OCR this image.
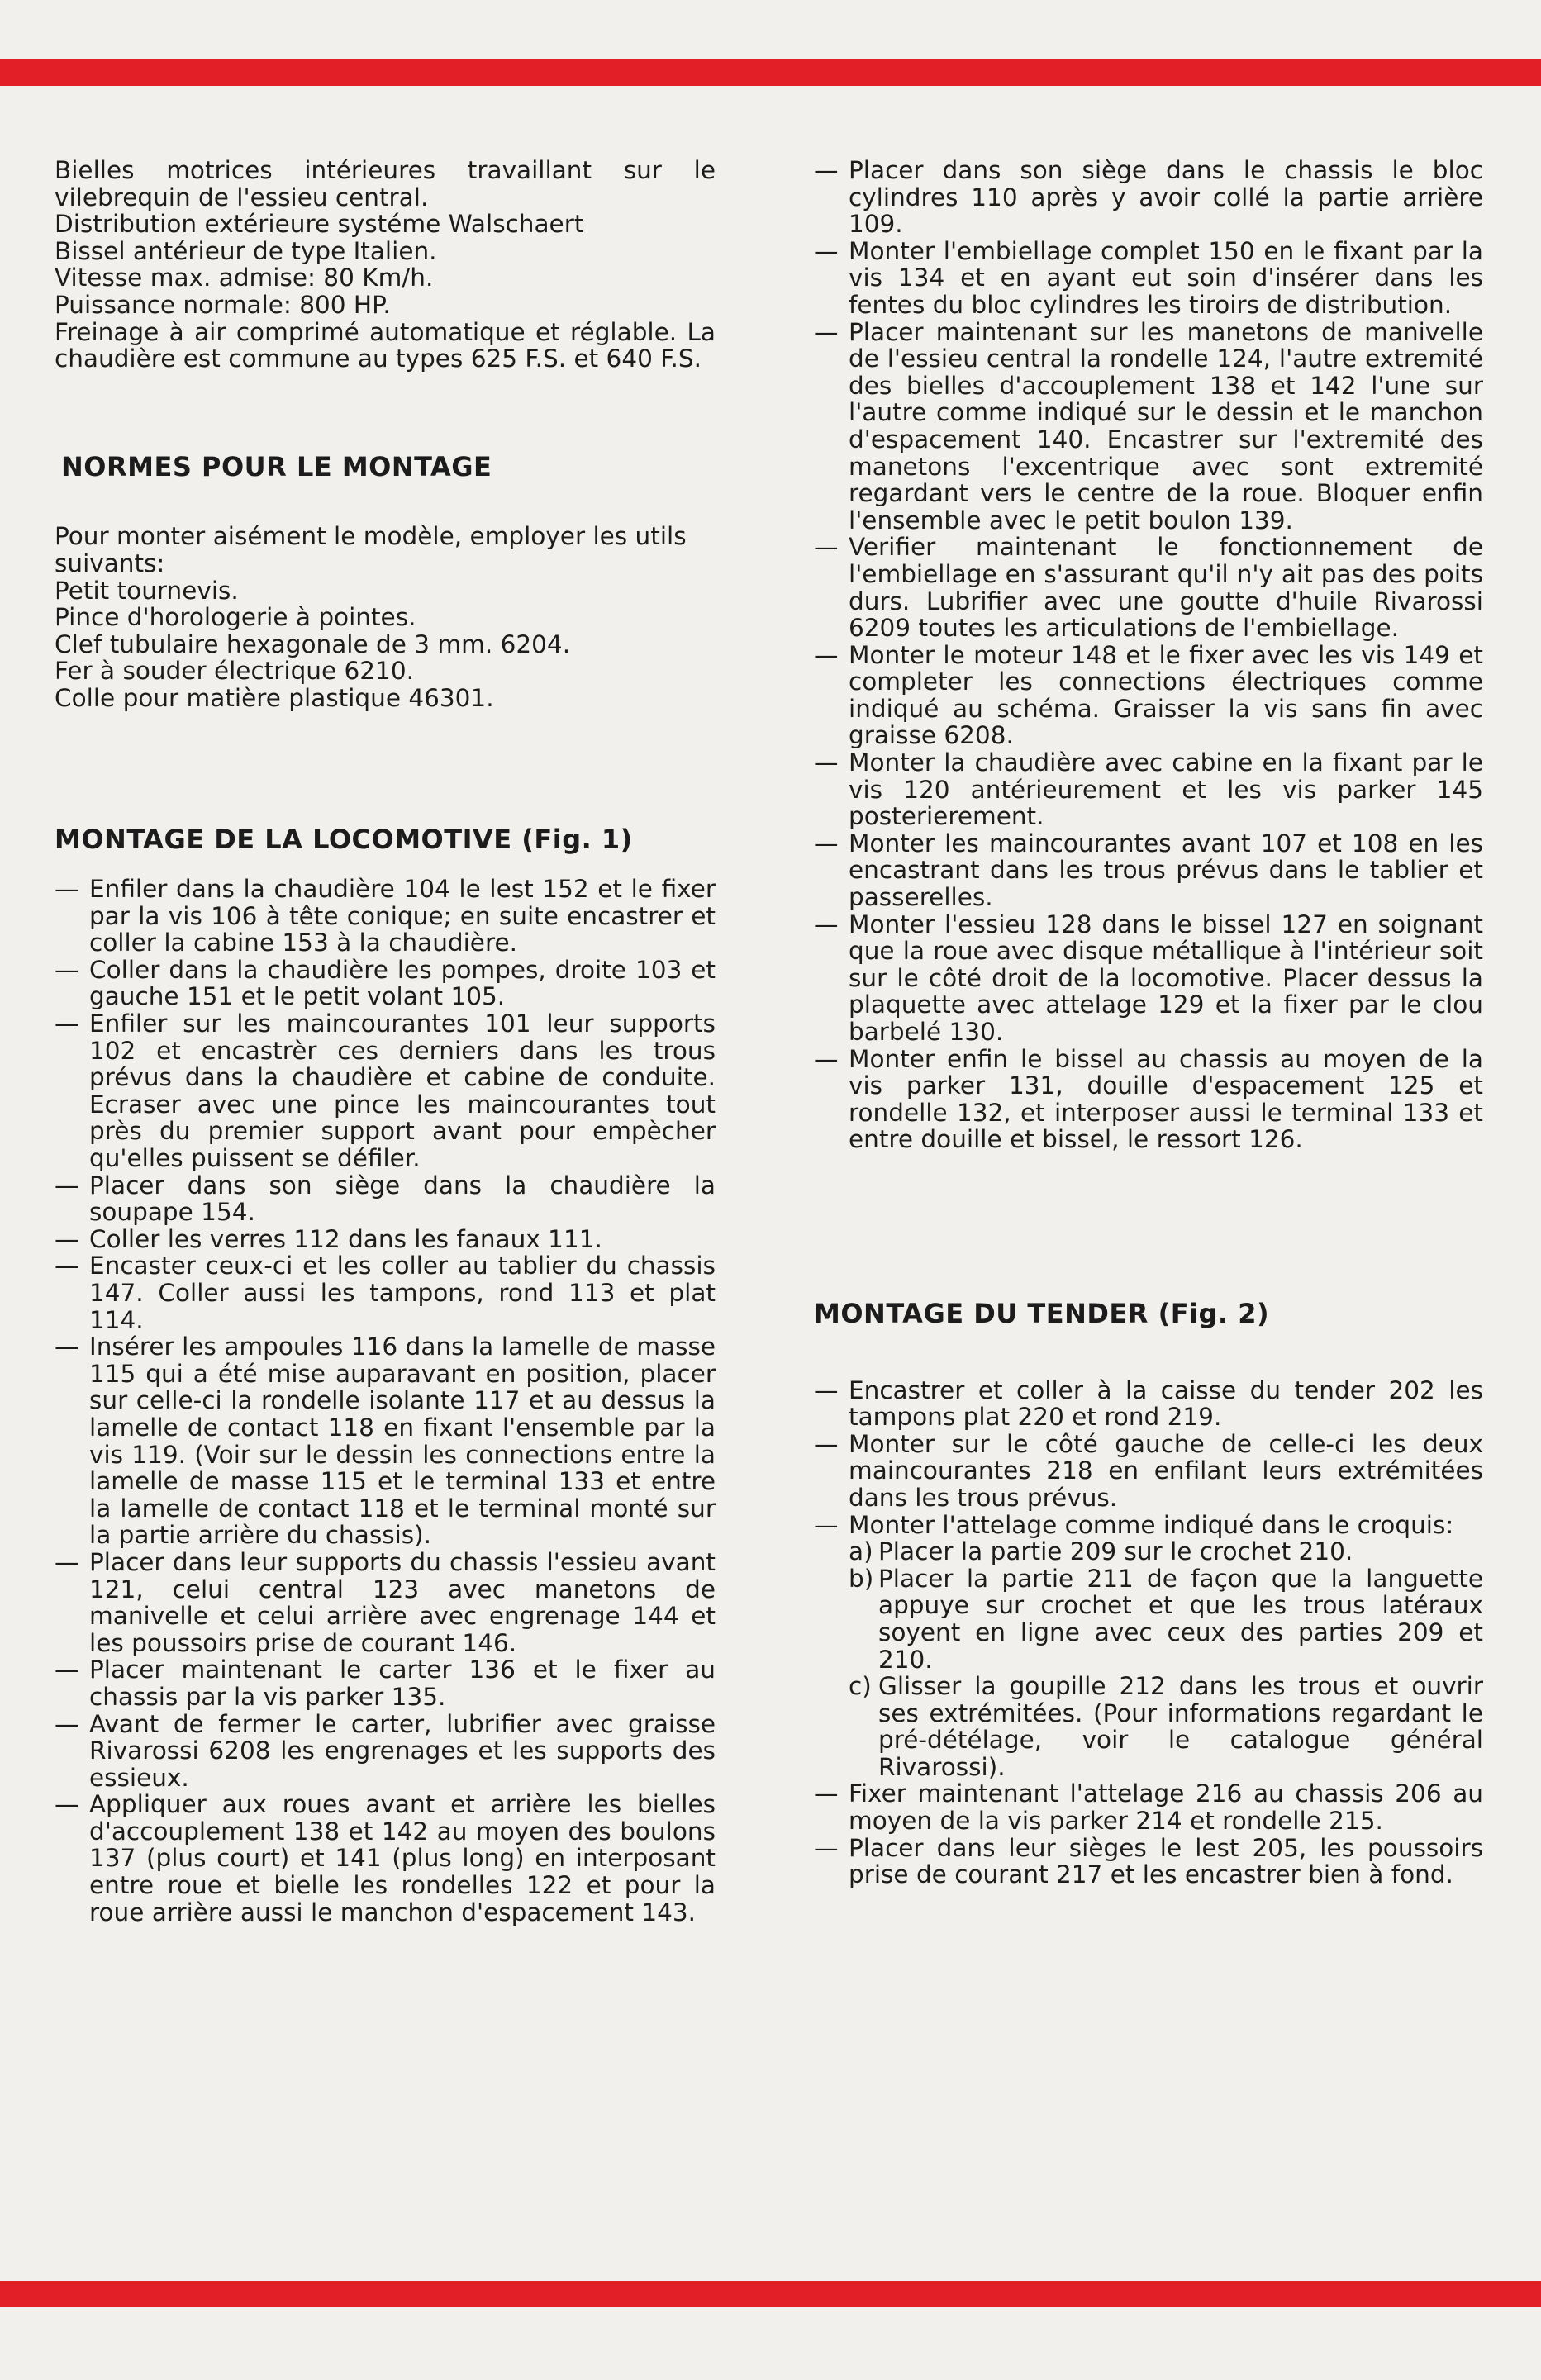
Bielles motrices intérieures travaillant sur le vilebrequin de l'essieu central.

Distribution extérieure systéme Walschaert

Bissel antérieur de type Italien.

Vitesse max. admise: 80 Km/h.

Puissance normale: 800 HP.

Freinage à air comprimé automatique et réglable. La chaudière est commune au types 625 F.S. et 640 F.S.

NORMES POUR LE MONTAGE

Pour monter aisément le modèle, employer les utils suivants:

Petit tournevis.

Pince d'horologerie à pointes.

Clef tubulaire hexagonale de 3 mm. 6204.

Fer à souder électrique 6210.

Colle pour matière plastique 46301.

MONTAGE DE LA LOCOMOTIVE (Fig. 1)
— Enfiler dans la chaudière 104 le lest 152 et le fixer par la vis 106 à tête conique; en suite encastrer et coller la cabine 153 à la chaudière.
— Coller dans la chaudière les pompes, droite 103 et gauche 151 et le petit volant 105.
— Enfiler sur les maincourantes 101 leur supports 102 et encastrèr ces derniers dans les trous prévus dans la chaudière et cabine de conduite. Ecraser avec une pince les maincourantes tout près du premier support avant pour empècher qu'elles puissent se défiler.
— Placer dans son siège dans la chaudière la soupape 154.
— Coller les verres 112 dans les fanaux 111.
— Encaster ceux-ci et les coller au tablier du chassis 147. Coller aussi les tampons, rond 113 et plat 114.
— Insérer les ampoules 116 dans la lamelle de masse 115 qui a été mise auparavant en position, placer sur celle-ci la rondelle isolante 117 et au dessus la lamelle de contact 118 en fixant l'ensemble par la vis 119. (Voir sur le dessin les connections entre la lamelle de masse 115 et le terminal 133 et entre la lamelle de contact 118 et le terminal monté sur la partie arrière du chassis).
— Placer dans leur supports du chassis l'essieu avant 121, celui central 123 avec manetons de manivelle et celui arrière avec engrenage 144 et les poussoirs prise de courant 146.
— Placer maintenant le carter 136 et le fixer au chassis par la vis parker 135.
— Avant de fermer le carter, lubrifier avec graisse Rivarossi 6208 les engrenages et les supports des essieux.
— Appliquer aux roues avant et arrière les bielles d'accouplement 138 et 142 au moyen des boulons 137 (plus court) et 141 (plus long) en interposant entre roue et bielle les rondelles 122 et pour la roue arrière aussi le manchon d'espacement 143.
— Placer dans son siège dans le chassis le bloc cylindres 110 après y avoir collé la partie arrière 109.
— Monter l'embiellage complet 150 en le fixant par la vis 134 et en ayant eut soin d'insérer dans les fentes du bloc cylindres les tiroirs de distribution.
— Placer maintenant sur les manetons de manivelle de l'essieu central la rondelle 124, l'autre extremité des bielles d'accouplement 138 et 142 l'une sur l'autre comme indiqué sur le dessin et le manchon d'espacement 140. Encastrer sur l'extremité des manetons l'excentrique avec sont extremité regardant vers le centre de la roue. Bloquer enfin l'ensemble avec le petit boulon 139.
— Verifier maintenant le fonctionnement de l'embiellage en s'assurant qu'il n'y ait pas des poits durs. Lubrifier avec une goutte d'huile Rivarossi 6209 toutes les articulations de l'embiellage.
— Monter le moteur 148 et le fixer avec les vis 149 et completer les connections électriques comme indiqué au schéma. Graisser la vis sans fin avec graisse 6208.
— Monter la chaudière avec cabine en la fixant par le vis 120 antérieurement et les vis parker 145 posterierement.
— Monter les maincourantes avant 107 et 108 en les encastrant dans les trous prévus dans le tablier et passerelles.
— Monter l'essieu 128 dans le bissel 127 en soignant que la roue avec disque métallique à l'intérieur soit sur le côté droit de la locomotive. Placer dessus la plaquette avec attelage 129 et la fixer par le clou barbelé 130.
— Monter enfin le bissel au chassis au moyen de la vis parker 131, douille d'espacement 125 et rondelle 132, et interposer aussi le terminal 133 et entre douille et bissel, le ressort 126.
MONTAGE DU TENDER (Fig. 2)
— Encastrer et coller à la caisse du tender 202 les tampons plat 220 et rond 219.
— Monter sur le côté gauche de celle-ci les deux maincourantes 218 en enfilant leurs extrémitées dans les trous prévus.
— Monter l'attelage comme indiqué dans le croquis:
a) Placer la partie 209 sur le crochet 210.
b) Placer la partie 211 de façon que la languette appuye sur crochet et que les trous latéraux soyent en ligne avec ceux des parties 209 et 210.
c) Glisser la goupille 212 dans les trous et ouvrir ses extrémitées. (Pour informations regardant le pré-détélage, voir le catalogue général Rivarossi).
— Fixer maintenant l'attelage 216 au chassis 206 au moyen de la vis parker 214 et rondelle 215.
— Placer dans leur sièges le lest 205, les poussoirs prise de courant 217 et les encastrer bien à fond.
